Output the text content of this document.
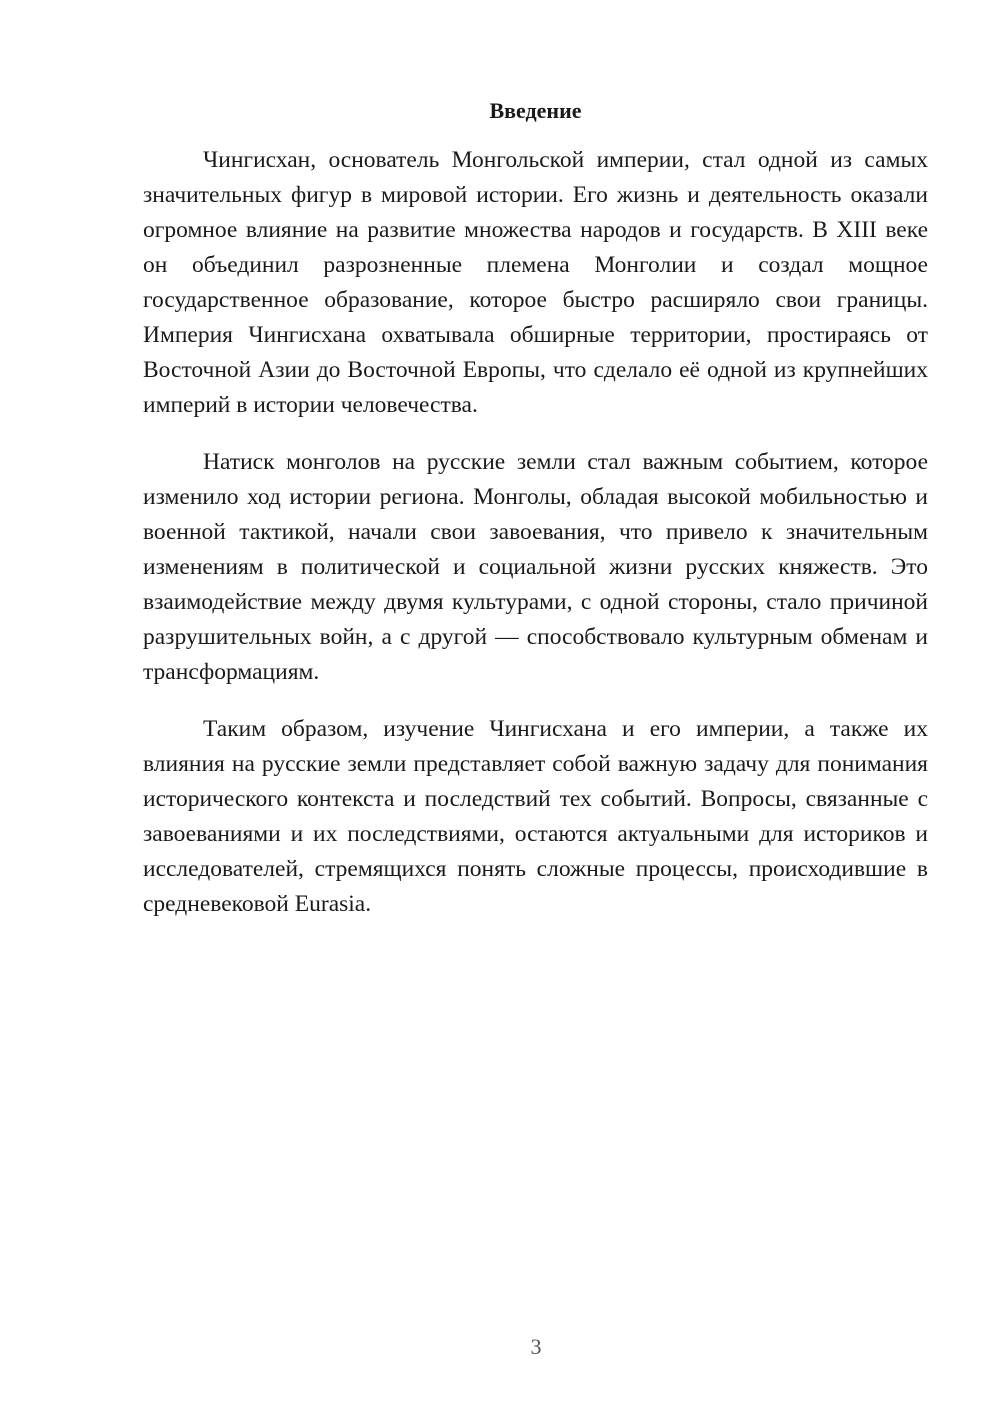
Введение

Чингисхан, основатель Монгольской империи, стал одной из самых значительных фигур в мировой истории. Его жизнь и деятельность оказали огромное влияние на развитие множества народов и государств. В XIII веке он объединил разрозненные племена Монголии и создал мощное государственное образование, которое быстро расширяло свои границы. Империя Чингисхана охватывала обширные территории, простираясь от Восточной Азии до Восточной Европы, что сделало её одной из крупнейших империй в истории человечества.

Натиск монголов на русские земли стал важным событием, которое изменило ход истории региона. Монголы, обладая высокой мобильностью и военной тактикой, начали свои завоевания, что привело к значительным изменениям в политической и социальной жизни русских княжеств. Это взаимодействие между двумя культурами, с одной стороны, стало причиной разрушительных войн, а с другой — способствовало культурным обменам и трансформациям.

Таким образом, изучение Чингисхана и его империи, а также их влияния на русские земли представляет собой важную задачу для понимания исторического контекста и последствий тех событий. Вопросы, связанные с завоеваниями и их последствиями, остаются актуальными для историков и исследователей, стремящихся понять сложные процессы, происходившие в средневековой Eurasia.

3
